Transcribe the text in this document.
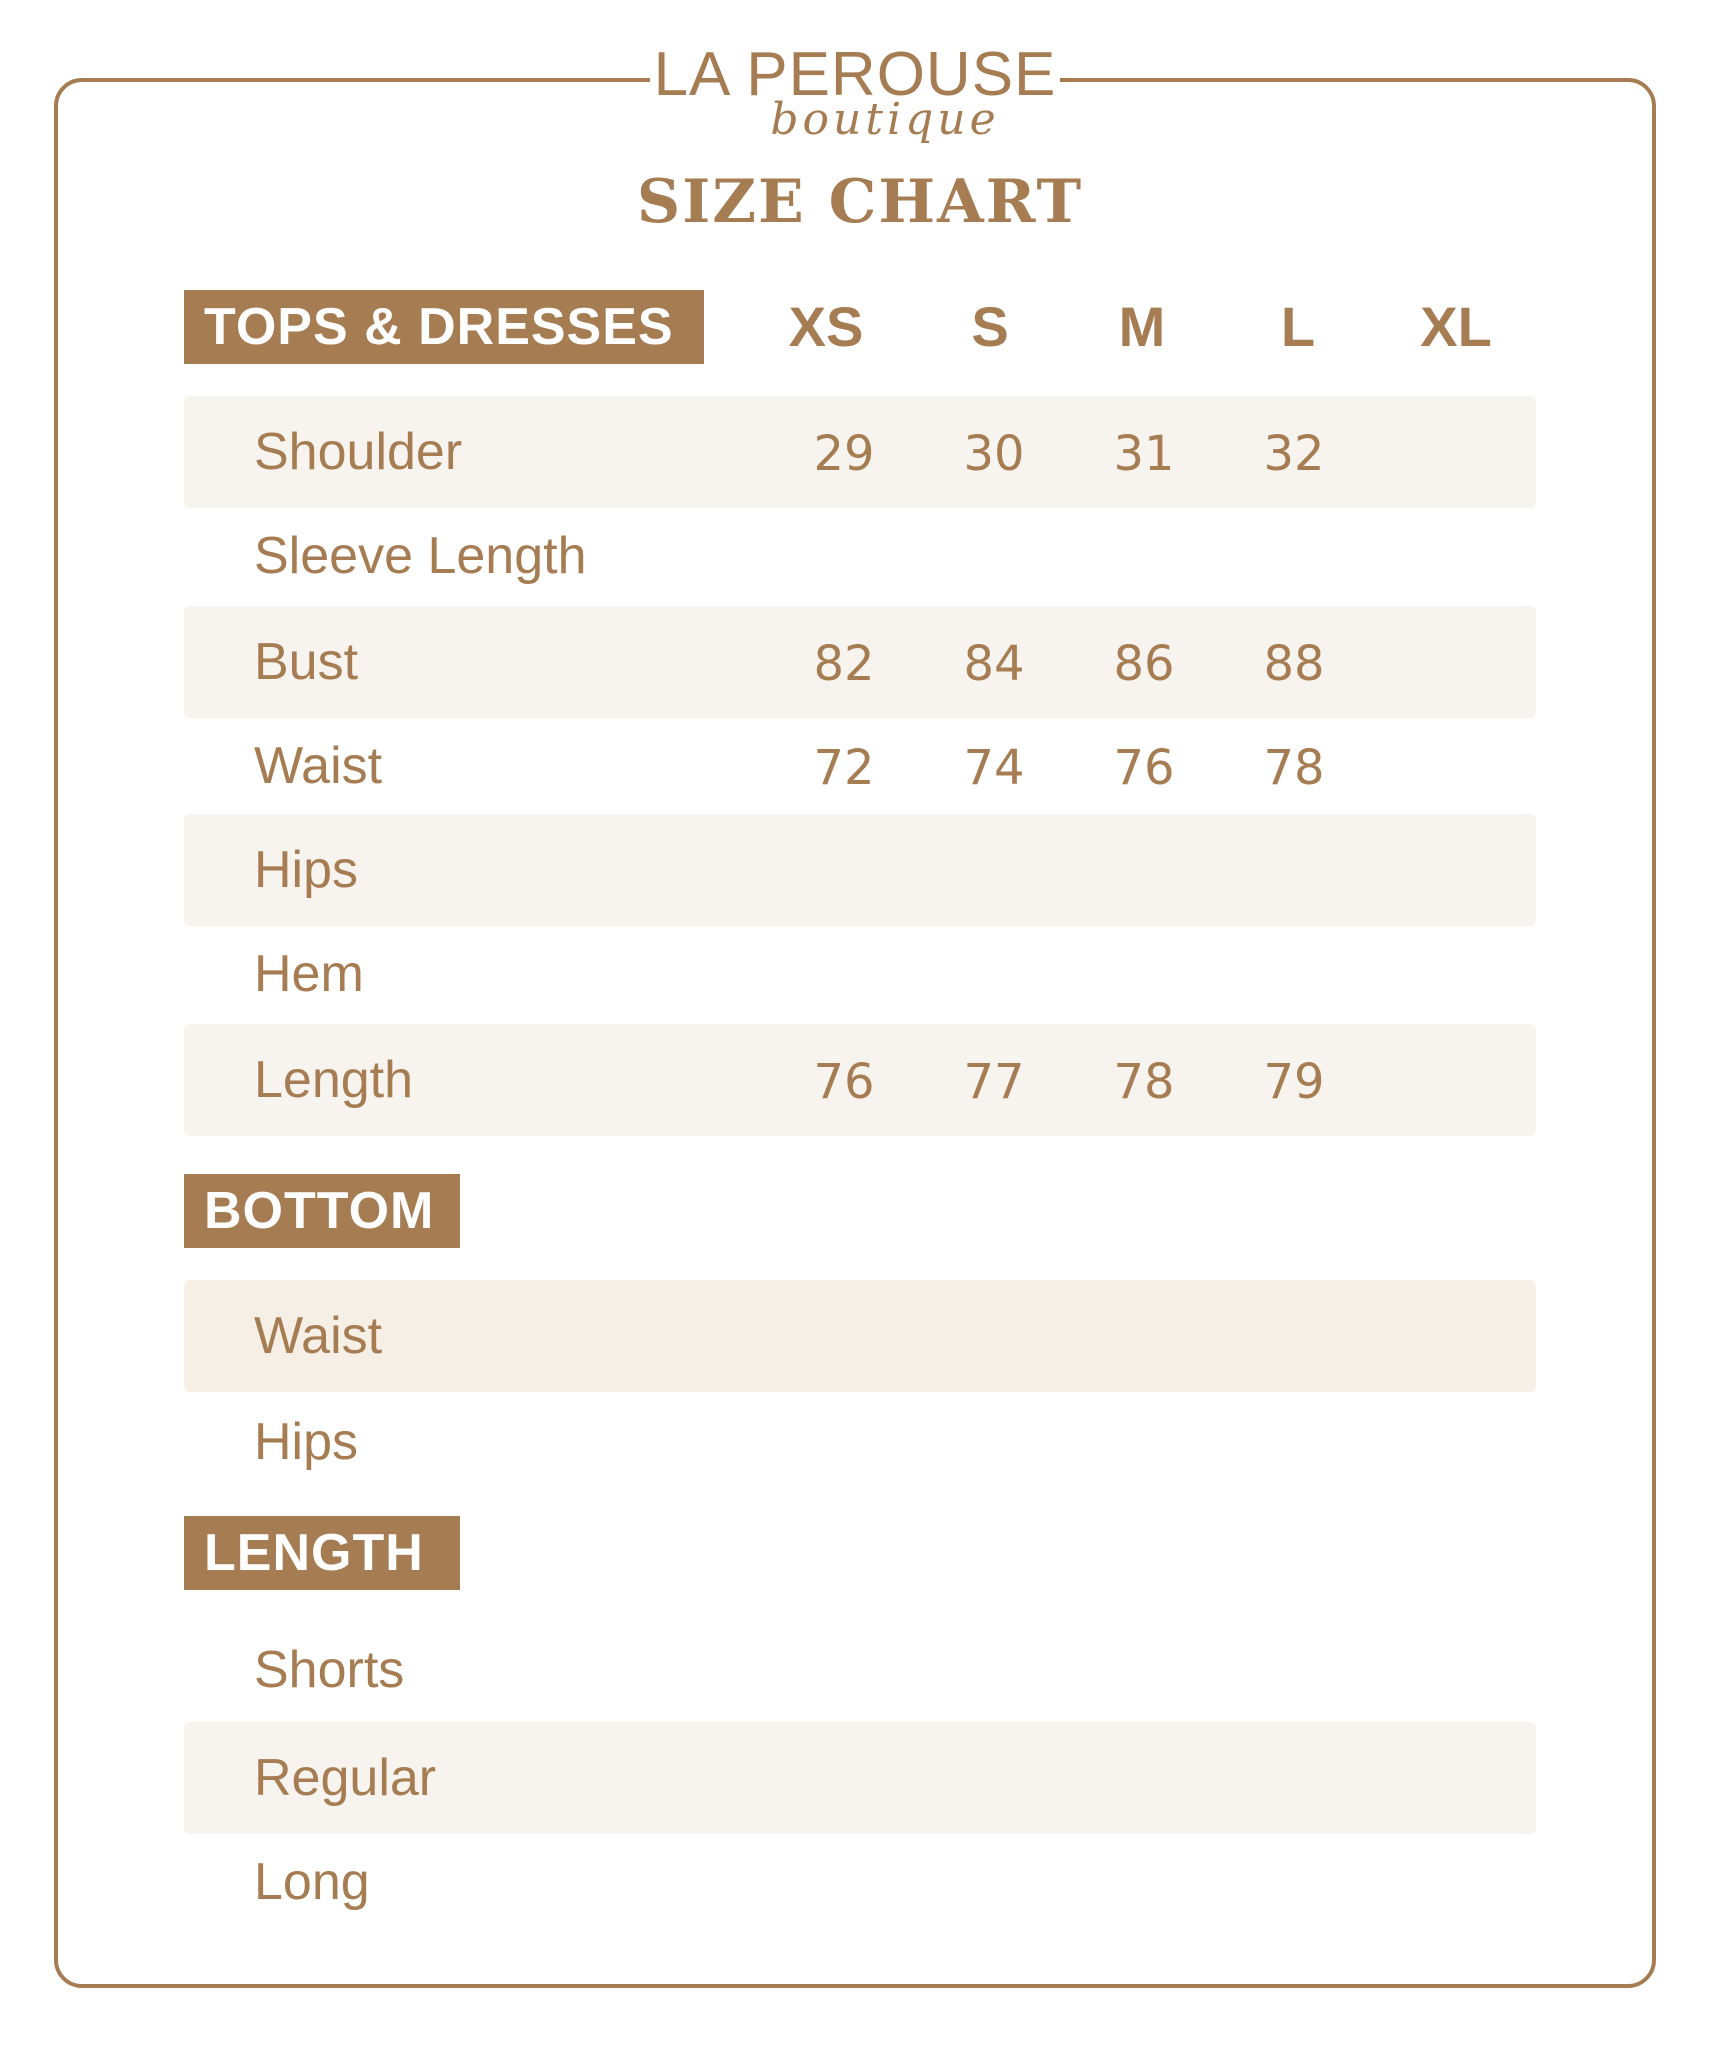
LA PEROUSE
boutique
SIZE CHART
TOPS & DRESSES	XS	S	M	L	XL
Shoulder	29	30	31	32
Sleeve Length
Bust	82	84	86	88
Waist	72	74	76	78
Hips
Hem
Length	76	77	78	79
BOTTOM
Waist
Hips
LENGTH
Shorts
Regular
Long
